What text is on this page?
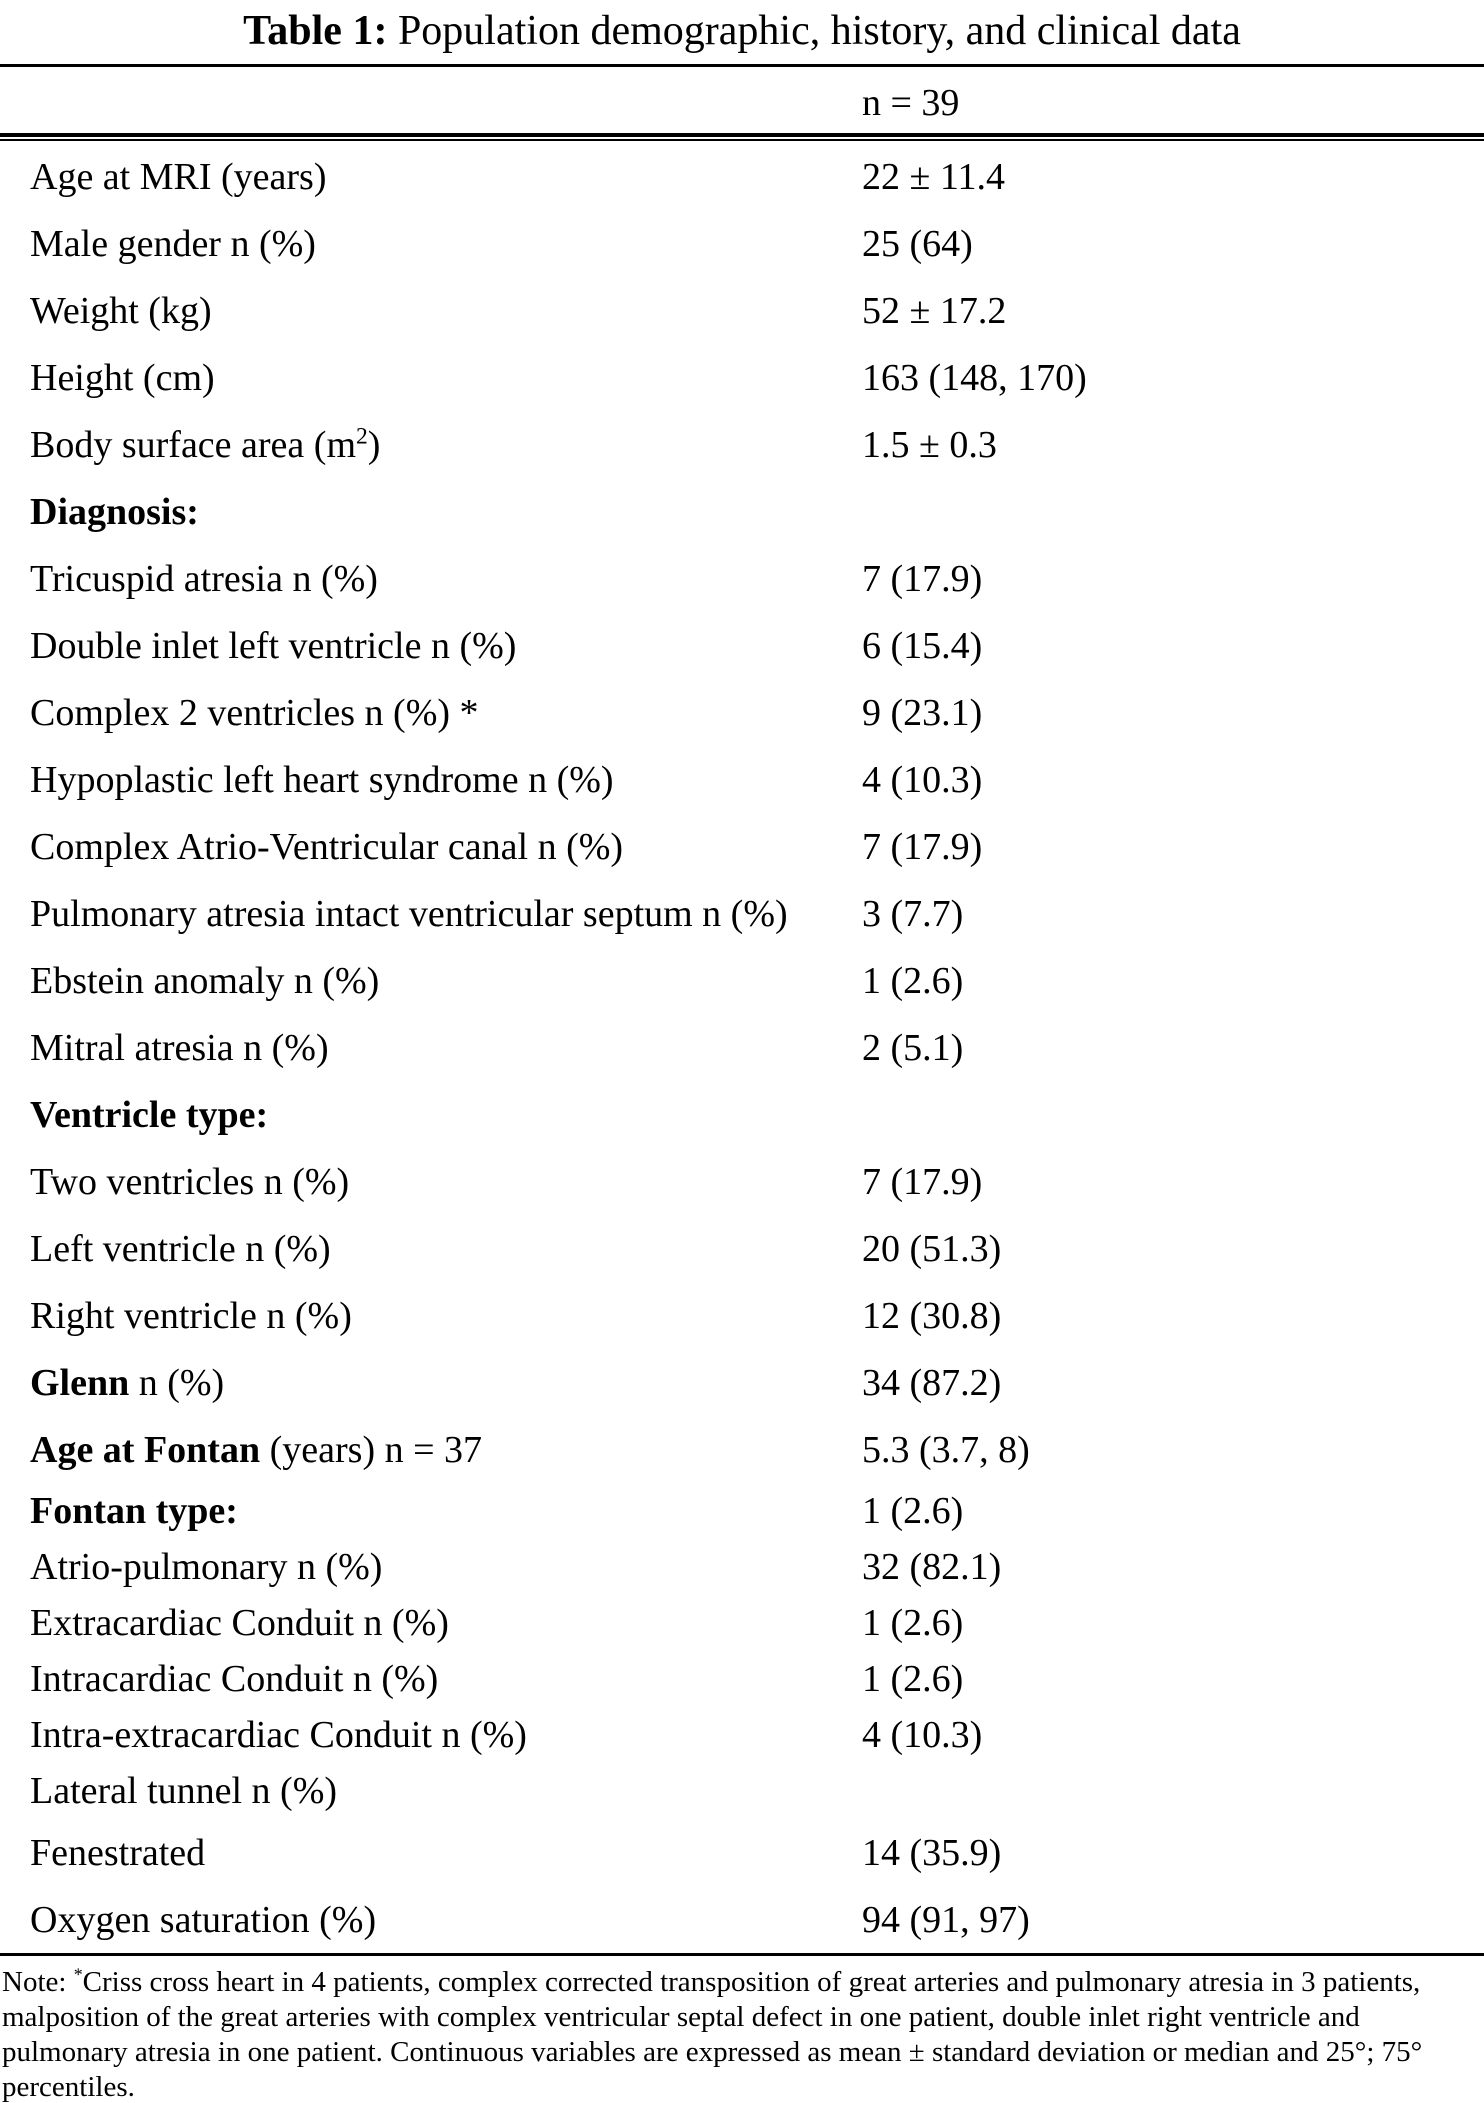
Table 1: Population demographic, history, and clinical data
n = 39
Age at MRI (years)	22 ± 11.4
Male gender n (%)	25 (64)
Weight (kg)	52 ± 17.2
Height (cm)	163 (148, 170)
Body surface area $(m^2)$	1.5 ± 0.3
Diagnosis:
Tricuspid atresia n (%)	7 (17.9)
Double inlet left ventricle n (%)	6 (15.4)
Complex 2 ventricles n (%) *	9 (23.1)
Hypoplastic left heart syndrome n (%)	4 (10.3)
Complex Atrio-Ventricular canal n (%)	7 (17.9)
Pulmonary atresia intact ventricular septum n (%) 3 (7.7)
Ebstein anomaly n (%)	1 (2.6)
Mitral atresia n (%)	2 (5.1)
Ventricle type:
Two ventricles n (%)	7 (17.9)
Left ventricle n (%)	20 (51.3)
Right ventricle n (%)	12 (30.8)
Glenn n (%)	34 (87.2)
Age at Fontan (years) n = 37	5.3 (3.7, 8)
Fontan type:	1 (2.6)
Atrio-pulmonary n (%)	32 (82.1)
Extracardiac Conduit n (%)	1 (2.6)
Intracardiac Conduit n (%)	1 (2.6)
Intra-extracardiac Conduit n (%)	4 (10.3)
Lateral tunnel n (%)
Fenestrated	14 (35.9)
Oxygen saturation (%)	94 (91, 97)
Note: *Criss cross heart in 4 patients, complex corrected transposition of great arteries and pulmonary atresia in 3 patients, malposition of the great arteries with complex ventricular septal defect in one patient, double inlet right ventricle and pulmonary atresia in one patient. Continuous variables are expressed as mean ± standard deviation or median and 25°; 75° percentiles.
